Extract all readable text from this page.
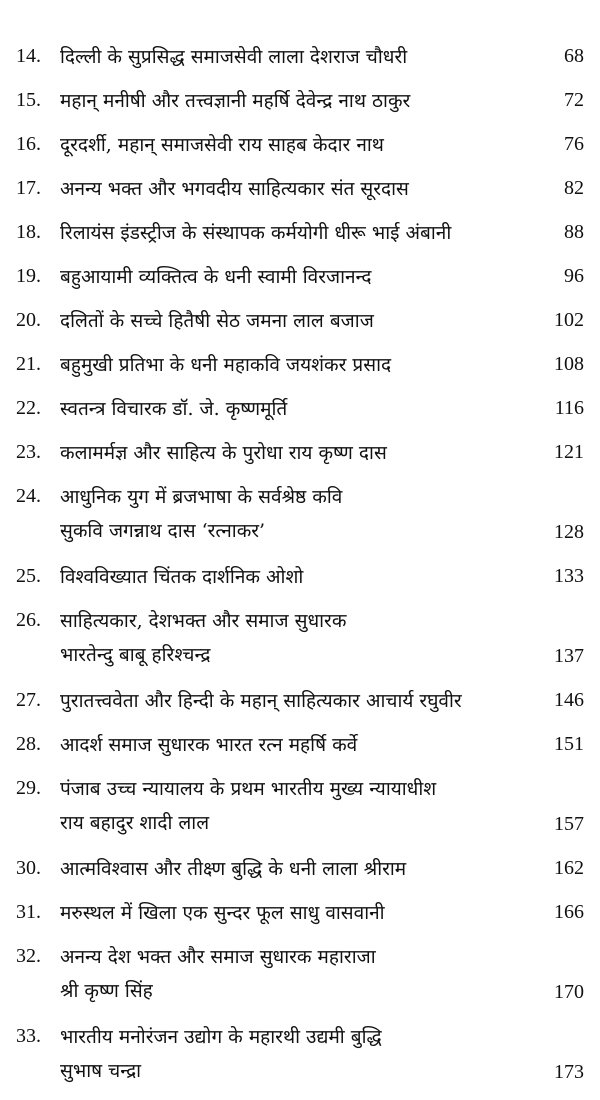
14.	दिल्ली के सुप्रसिद्ध समाजसेवी लाला देशराज चौधरी	68
15.	महान् मनीषी और तत्त्वज्ञानी महर्षि देवेन्द्र नाथ ठाकुर	72
16.	दूरदर्शी, महान् समाजसेवी राय साहब केदार नाथ	76
17.	अनन्य भक्त और भगवदीय साहित्यकार संत सूरदास	82
18.	रिलायंस इंडस्ट्रीज के संस्थापक कर्मयोगी धीरू भाई अंबानी	88
19.	बहुआयामी व्यक्तित्व के धनी स्वामी विरजानन्द	96
20.	दलितों के सच्चे हितैषी सेठ जमना लाल बजाज	102
21.	बहुमुखी प्रतिभा के धनी महाकवि जयशंकर प्रसाद	108
22.	स्वतन्त्र विचारक डॉ. जे. कृष्णमूर्ति	116
23.	कलामर्मज्ञ और साहित्य के पुरोधा राय कृष्ण दास	121
24.	आधुनिक युग में ब्रजभाषा के सर्वश्रेष्ठ कवि
सुकवि जगन्नाथ दास ‘रत्नाकर’	128
25.	विश्वविख्यात चिंतक दार्शनिक ओशो	133
26.	साहित्यकार, देशभक्त और समाज सुधारक
भारतेन्दु बाबू हरिश्चन्द्र	137
27.	पुरातत्त्ववेता और हिन्दी के महान् साहित्यकार आचार्य रघुवीर	146
28.	आदर्श समाज सुधारक भारत रत्न महर्षि कर्वे	151
29.	पंजाब उच्च न्यायालय के प्रथम भारतीय मुख्य न्यायाधीश
राय बहादुर शादी लाल	157
30.	आत्मविश्वास और तीक्ष्ण बुद्धि के धनी लाला श्रीराम	162
31.	मरुस्थल में खिला एक सुन्दर फूल साधु वासवानी	166
32.	अनन्य देश भक्त और समाज सुधारक महाराजा
श्री कृष्ण सिंह	170
33.	भारतीय मनोरंजन उद्योग के महारथी उद्यमी बुद्धि
सुभाष चन्द्रा	173
